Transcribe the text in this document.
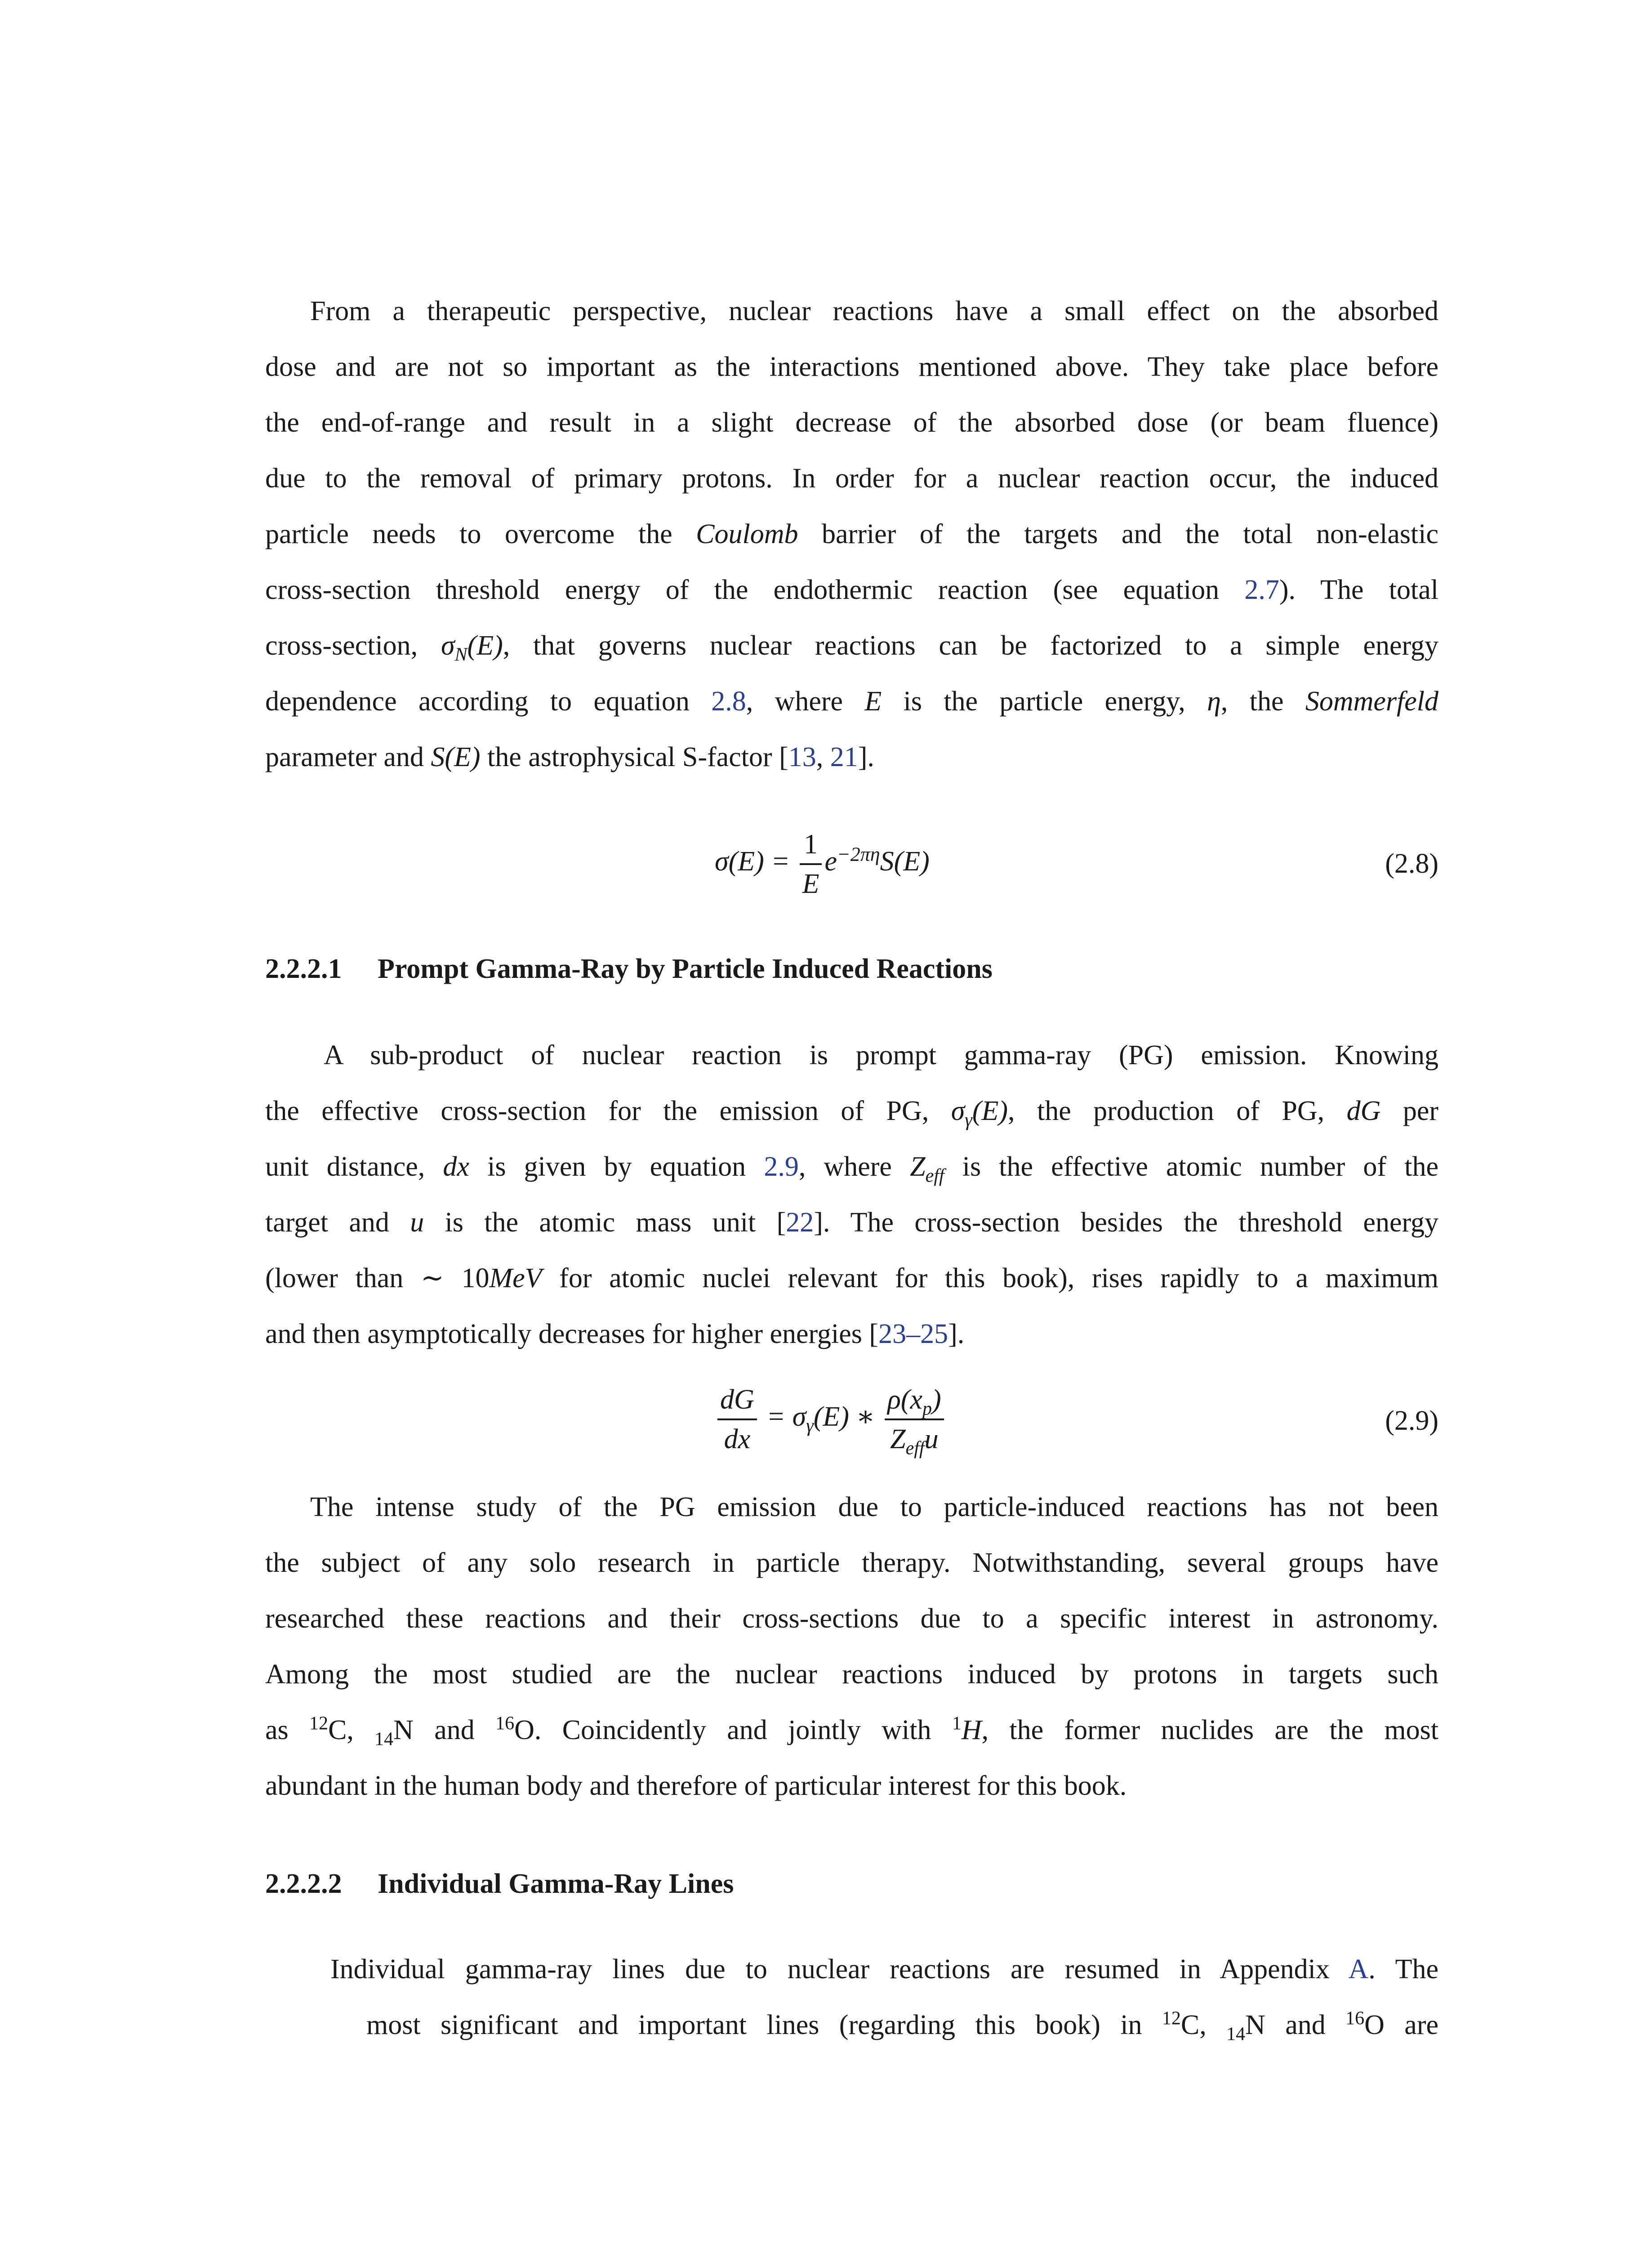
From a therapeutic perspective, nuclear reactions have a small effect on the absorbed
dose and are not so important as the interactions mentioned above. They take place before
the end-of-range and result in a slight decrease of the absorbed dose (or beam fluence)
due to the removal of primary protons. In order for a nuclear reaction occur, the induced
particle needs to overcome the Coulomb barrier of the targets and the total non-elastic
cross-section threshold energy of the endothermic reaction (see equation 2.7). The total
cross-section, $\sigma_N(E)$, that governs nuclear reactions can be factorized to a simple energy
dependence according to equation 2.8, where E is the particle energy, η, the Sommerfeld
parameter and S(E) the astrophysical S-factor [13, 21].
$\sigma(E) = \frac{1}{E} e^{-2\pi\eta}S(E)$	(2.8)
2.2.2.1 Prompt Gamma-Ray by Particle Induced Reactions
A sub-product of nuclear reaction is prompt gamma-ray (PG) emission. Knowing
the effective cross-section for the emission of PG, $\sigma_\gamma(E)$, the production of PG, dG per
unit distance, dx is given by equation 2.9, where $Z_{eff}$ is the effective atomic number of the
target and u is the atomic mass unit [22]. The cross-section besides the threshold energy
(lower than ∼ 10MeV for atomic nuclei relevant for this book), rises rapidly to a maximum
and then asymptotically decreases for higher energies [23–25].
$\frac{dG}{dx} = \sigma_\gamma(E)$ ∗ $\frac{\rho(x_p)}{Z_{eff}u}$	(2.9)
The intense study of the PG emission due to particle-induced reactions has not been
the subject of any solo research in particle therapy. Notwithstanding, several groups have
researched these reactions and their cross-sections due to a specific interest in astronomy.
Among the most studied are the nuclear reactions induced by protons in targets such
as $^{12}$C, $_{14}$N and $^{16}$O. Coincidently and jointly with $^1$H, the former nuclides are the most
abundant in the human body and therefore of particular interest for this book.
2.2.2.2 Individual Gamma-Ray Lines
Individual gamma-ray lines due to nuclear reactions are resumed in Appendix A. The
most significant and important lines (regarding this book) in $^{12}$C, $_{14}$N and $^{16}$O are
